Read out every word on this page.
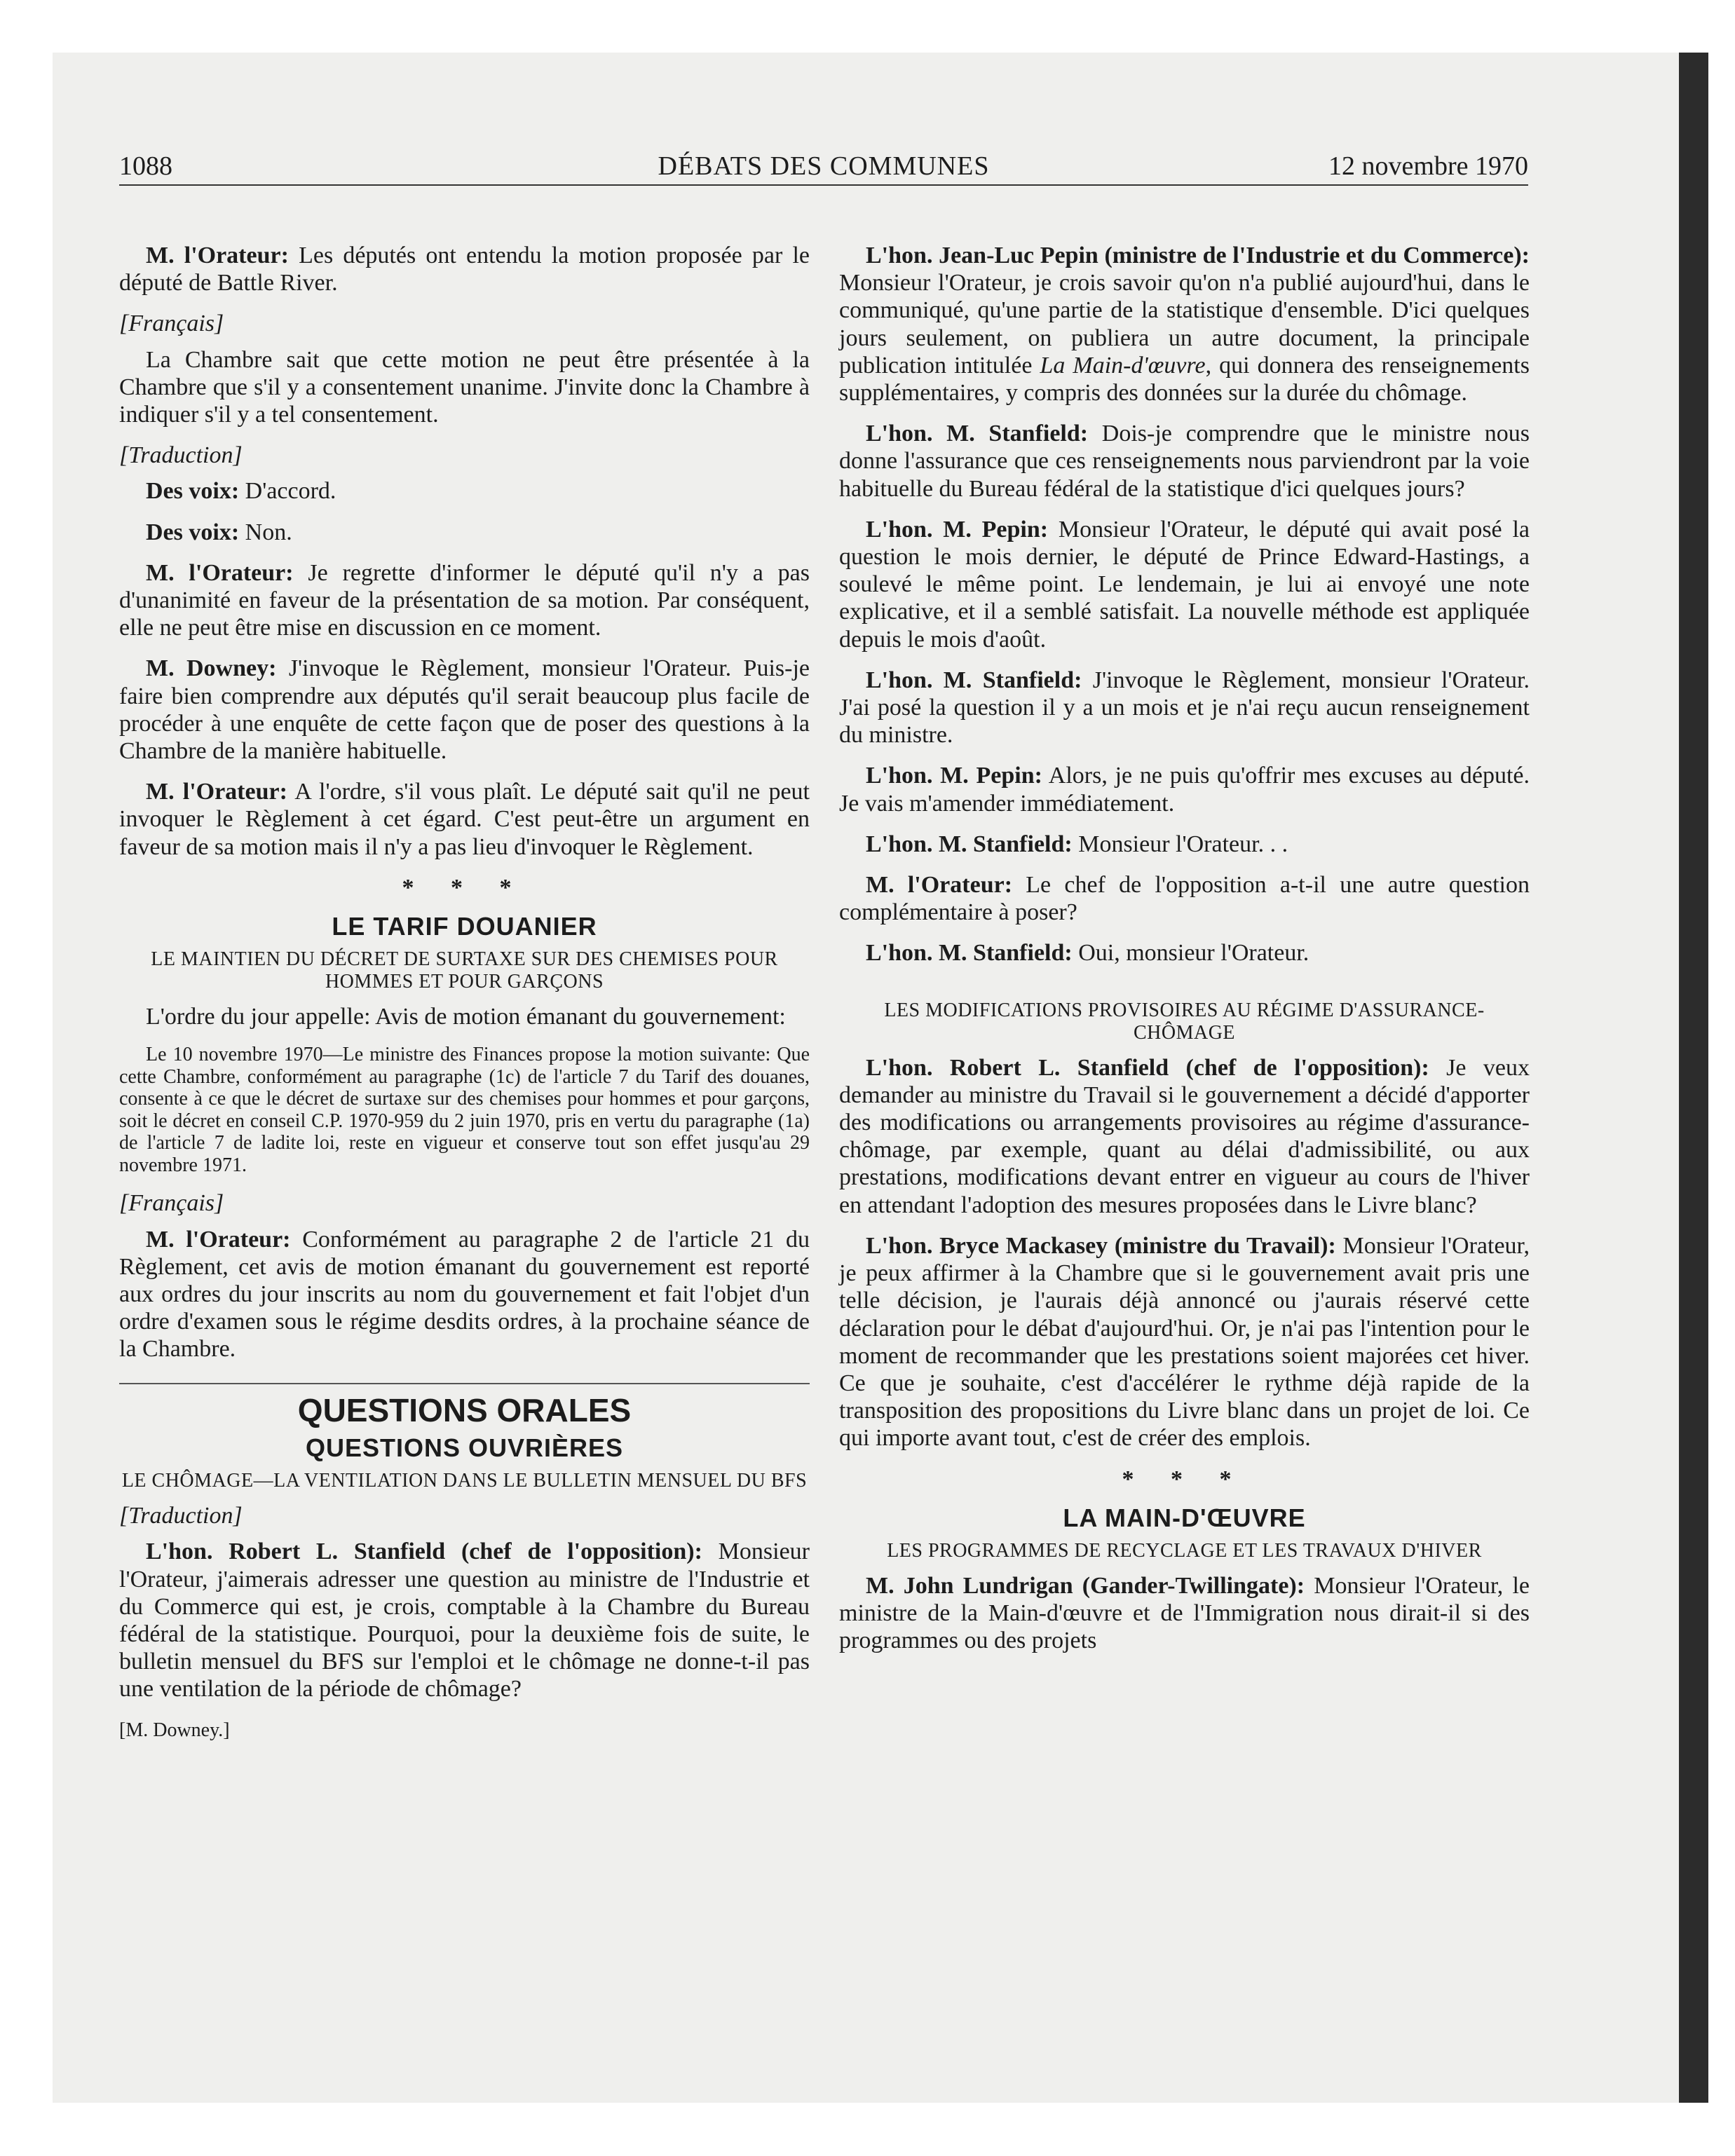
1088	DÉBATS DES COMMUNES	12 novembre 1970

M. l'Orateur: Les députés ont entendu la motion proposée par le député de Battle River.

[Français]

La Chambre sait que cette motion ne peut être présentée à la Chambre que s'il y a consentement unanime. J'invite donc la Chambre à indiquer s'il y a tel consentement.

[Traduction]

Des voix: D'accord.

Des voix: Non.

M. l'Orateur: Je regrette d'informer le député qu'il n'y a pas d'unanimité en faveur de la présentation de sa motion. Par conséquent, elle ne peut être mise en discussion en ce moment.

M. Downey: J'invoque le Règlement, monsieur l'Orateur. Puis-je faire bien comprendre aux députés qu'il serait beaucoup plus facile de procéder à une enquête de cette façon que de poser des questions à la Chambre de la manière habituelle.

M. l'Orateur: A l'ordre, s'il vous plaît. Le député sait qu'il ne peut invoquer le Règlement à cet égard. C'est peut-être un argument en faveur de sa motion mais il n'y a pas lieu d'invoquer le Règlement.

* * *
LE TARIF DOUANIER
LE MAINTIEN DU DÉCRET DE SURTAXE SUR DES CHEMISES POUR HOMMES ET POUR GARÇONS

L'ordre du jour appelle: Avis de motion émanant du gouvernement:

Le 10 novembre 1970—Le ministre des Finances propose la motion suivante: Que cette Chambre, conformément au paragraphe (1c) de l'article 7 du Tarif des douanes, consente à ce que le décret de surtaxe sur des chemises pour hommes et pour garçons, soit le décret en conseil C.P. 1970-959 du 2 juin 1970, pris en vertu du paragraphe (1a) de l'article 7 de ladite loi, reste en vigueur et conserve tout son effet jusqu'au 29 novembre 1971.

[Français]

M. l'Orateur: Conformément au paragraphe 2 de l'article 21 du Règlement, cet avis de motion émanant du gouvernement est reporté aux ordres du jour inscrits au nom du gouvernement et fait l'objet d'un ordre d'examen sous le régime desdits ordres, à la prochaine séance de la Chambre.

QUESTIONS ORALES
QUESTIONS OUVRIÈRES
LE CHÔMAGE—LA VENTILATION DANS LE BULLETIN MENSUEL DU BFS
[Traduction]

L'hon. Robert L. Stanfield (chef de l'opposition): Monsieur l'Orateur, j'aimerais adresser une question au ministre de l'Industrie et du Commerce qui est, je crois, comptable à la Chambre du Bureau fédéral de la statistique. Pourquoi, pour la deuxième fois de suite, le bulletin mensuel du BFS sur l'emploi et le chômage ne donne-t-il pas une ventilation de la période de chômage?

[M. Downey.]

L'hon. Jean-Luc Pepin (ministre de l'Industrie et du Commerce): Monsieur l'Orateur, je crois savoir qu'on n'a publié aujourd'hui, dans le communiqué, qu'une partie de la statistique d'ensemble. D'ici quelques jours seulement, on publiera un autre document, la principale publication intitulée La Main-d'œuvre, qui donnera des renseignements supplémentaires, y compris des données sur la durée du chômage.

L'hon. M. Stanfield: Dois-je comprendre que le ministre nous donne l'assurance que ces renseignements nous parviendront par la voie habituelle du Bureau fédéral de la statistique d'ici quelques jours?

L'hon. M. Pepin: Monsieur l'Orateur, le député qui avait posé la question le mois dernier, le député de Prince Edward-Hastings, a soulevé le même point. Le lendemain, je lui ai envoyé une note explicative, et il a semblé satisfait. La nouvelle méthode est appliquée depuis le mois d'août.

L'hon. M. Stanfield: J'invoque le Règlement, monsieur l'Orateur. J'ai posé la question il y a un mois et je n'ai reçu aucun renseignement du ministre.

L'hon. M. Pepin: Alors, je ne puis qu'offrir mes excuses au député. Je vais m'amender immédiatement.

L'hon. M. Stanfield: Monsieur l'Orateur. . .

M. l'Orateur: Le chef de l'opposition a-t-il une autre question complémentaire à poser?

L'hon. M. Stanfield: Oui, monsieur l'Orateur.

LES MODIFICATIONS PROVISOIRES AU RÉGIME D'ASSURANCE-CHÔMAGE

L'hon. Robert L. Stanfield (chef de l'opposition): Je veux demander au ministre du Travail si le gouvernement a décidé d'apporter des modifications ou arrangements provisoires au régime d'assurance-chômage, par exemple, quant au délai d'admissibilité, ou aux prestations, modifications devant entrer en vigueur au cours de l'hiver en attendant l'adoption des mesures proposées dans le Livre blanc?

L'hon. Bryce Mackasey (ministre du Travail): Monsieur l'Orateur, je peux affirmer à la Chambre que si le gouvernement avait pris une telle décision, je l'aurais déjà annoncé ou j'aurais réservé cette déclaration pour le débat d'aujourd'hui. Or, je n'ai pas l'intention pour le moment de recommander que les prestations soient majorées cet hiver. Ce que je souhaite, c'est d'accélérer le rythme déjà rapide de la transposition des propositions du Livre blanc dans un projet de loi. Ce qui importe avant tout, c'est de créer des emplois.

* * *
LA MAIN-D'ŒUVRE
LES PROGRAMMES DE RECYCLAGE ET LES TRAVAUX D'HIVER

M. John Lundrigan (Gander-Twillingate): Monsieur l'Orateur, le ministre de la Main-d'œuvre et de l'Immigration nous dirait-il si des programmes ou des projets
